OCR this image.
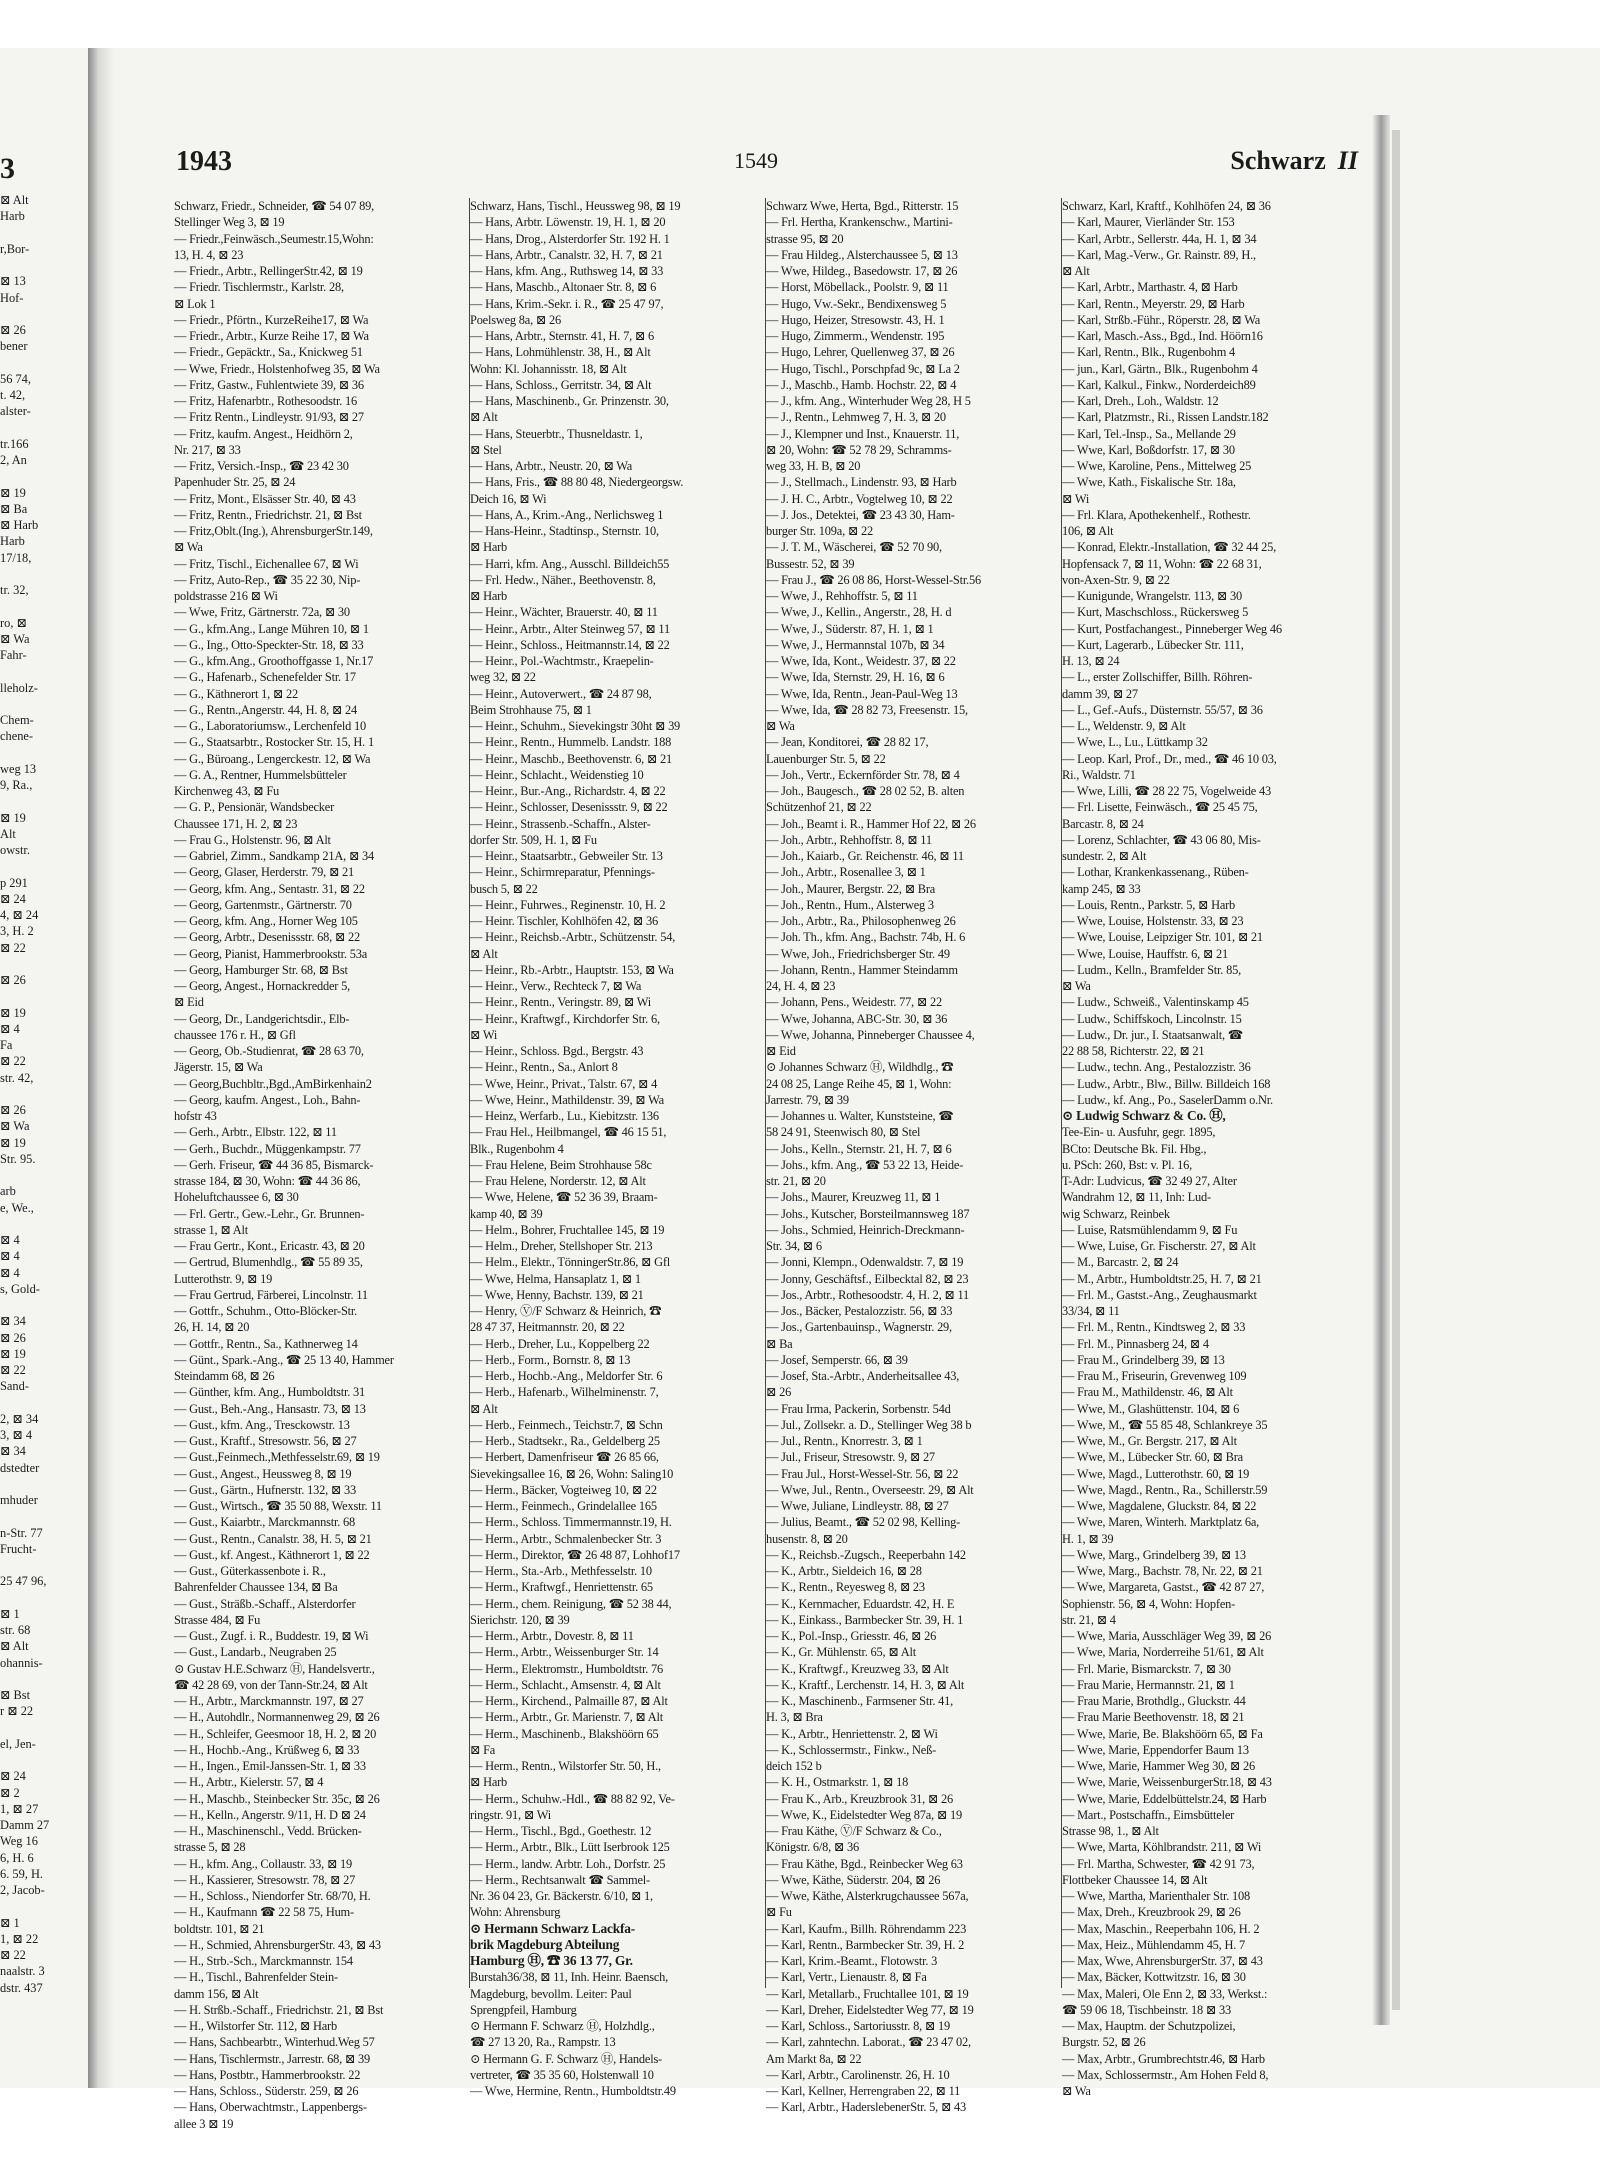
3
⊠ Alt
Harb

r,Bor-

⊠ 13
Hof-

⊠ 26
bener

56 74,
t. 42,
alster-

tr.166
2, An

⊠ 19
⊠ Ba
⊠ Harb
Harb
17/18,

tr. 32,

ro, ⊠
⊠ Wa
Fahr-

lleholz-

Chem-
chene-

weg 13
9, Ra.,

⊠ 19
Alt
owstr.

p 291
⊠ 24
4, ⊠ 24
3, H. 2
⊠ 22

⊠ 26

⊠ 19
⊠ 4
Fa
⊠ 22
str. 42,

⊠ 26
⊠ Wa
⊠ 19
Str. 95.

arb
e, We.,

⊠ 4
⊠ 4
⊠ 4
s, Gold-

⊠ 34
⊠ 26
⊠ 19
⊠ 22
Sand-

2, ⊠ 34
3, ⊠ 4
⊠ 34
dstedter

mhuder

n-Str. 77
Frucht-

25 47 96,

⊠ 1
str. 68
⊠ Alt
ohannis-

⊠ Bst
r ⊠ 22

el, Jen-

⊠ 24
⊠ 2
1, ⊠ 27
Damm 27
Weg 16
6, H. 6
6. 59, H.
2, Jacob-

⊠ 1
1, ⊠ 22
⊠ 22
naalstr. 3
dstr. 437
1943	1549	Schwarz II
Schwarz, Friedr., Schneider, ☎ 54 07 89,
Stellinger Weg 3, ⊠ 19
— Friedr.,Feinwäsch.,Seumestr.15,Wohn:
13, H. 4, ⊠ 23
— Friedr., Arbtr., RellingerStr.42, ⊠ 19
— Friedr. Tischlermstr., Karlstr. 28,
⊠ Lok 1
— Friedr., Pförtn., KurzeReihe17, ⊠ Wa
— Friedr., Arbtr., Kurze Reihe 17, ⊠ Wa
— Friedr., Gepäcktr., Sa., Knickweg 51
— Wwe, Friedr., Holstenhofweg 35, ⊠ Wa
— Fritz, Gastw., Fuhlentwiete 39, ⊠ 36
— Fritz, Hafenarbtr., Rothesoodstr. 16
— Fritz Rentn., Lindleystr. 91/93, ⊠ 27
— Fritz, kaufm. Angest., Heidhörn 2,
Nr. 217, ⊠ 33
— Fritz, Versich.-Insp., ☎ 23 42 30
Papenhuder Str. 25, ⊠ 24
— Fritz, Mont., Elsässer Str. 40, ⊠ 43
— Fritz, Rentn., Friedrichstr. 21, ⊠ Bst
— Fritz,Oblt.(Ing.), AhrensburgerStr.149,
⊠ Wa
— Fritz, Tischl., Eichenallee 67, ⊠ Wi
— Fritz, Auto-Rep., ☎ 35 22 30, Nip-
poldstrasse 216 ⊠ Wi
— Wwe, Fritz, Gärtnerstr. 72a, ⊠ 30
— G., kfm.Ang., Lange Mühren 10, ⊠ 1
— G., Ing., Otto-Speckter-Str. 18, ⊠ 33
— G., kfm.Ang., Groothoffgasse 1, Nr.17
— G., Hafenarb., Schenefelder Str. 17
— G., Käthnerort 1, ⊠ 22
— G., Rentn.,Angerstr. 44, H. 8, ⊠ 24
— G., Laboratoriumsw., Lerchenfeld 10
— G., Staatsarbtr., Rostocker Str. 15, H. 1
— G., Büroang., Lengerckestr. 12, ⊠ Wa
— G. A., Rentner, Hummelsbütteler
Kirchenweg 43, ⊠ Fu
— G. P., Pensionär, Wandsbecker
Chaussee 171, H. 2, ⊠ 23
— Frau G., Holstenstr. 96, ⊠ Alt
— Gabriel, Zimm., Sandkamp 21A, ⊠ 34
— Georg, Glaser, Herderstr. 79, ⊠ 21
— Georg, kfm. Ang., Sentastr. 31, ⊠ 22
— Georg, Gartenmstr., Gärtnerstr. 70
— Georg, kfm. Ang., Horner Weg 105
— Georg, Arbtr., Desenissstr. 68, ⊠ 22
— Georg, Pianist, Hammerbrookstr. 53a
— Georg, Hamburger Str. 68, ⊠ Bst
— Georg, Angest., Hornackredder 5,
⊠ Eid
— Georg, Dr., Landgerichtsdir., Elb-
chaussee 176 r. H., ⊠ Gfl
— Georg, Ob.-Studienrat, ☎ 28 63 70,
Jägerstr. 15, ⊠ Wa
— Georg,Buchbltr.,Bgd.,AmBirkenhain2
— Georg, kaufm. Angest., Loh., Bahn-
hofstr 43
— Gerh., Arbtr., Elbstr. 122, ⊠ 11
— Gerh., Buchdr., Müggenkampstr. 77
— Gerh. Friseur, ☎ 44 36 85, Bismarck-
strasse 184, ⊠ 30, Wohn: ☎ 44 36 86,
Hoheluftchaussee 6, ⊠ 30
— Frl. Gertr., Gew.-Lehr., Gr. Brunnen-
strasse 1, ⊠ Alt
— Frau Gertr., Kont., Ericastr. 43, ⊠ 20
— Gertrud, Blumenhdlg., ☎ 55 89 35,
Lutterothstr. 9, ⊠ 19
— Frau Gertrud, Färberei, Lincolnstr. 11
— Gottfr., Schuhm., Otto-Blöcker-Str.
26, H. 14, ⊠ 20
— Gottfr., Rentn., Sa., Kathnerweg 14
— Günt., Spark.-Ang., ☎ 25 13 40, Hammer
Steindamm 68, ⊠ 26
— Günther, kfm. Ang., Humboldtstr. 31
— Gust., Beh.-Ang., Hansastr. 73, ⊠ 13
— Gust., kfm. Ang., Tresckowstr. 13
— Gust., Kraftf., Stresowstr. 56, ⊠ 27
— Gust.,Feinmech.,Methfesselstr.69, ⊠ 19
— Gust., Angest., Heussweg 8, ⊠ 19
— Gust., Gärtn., Hufnerstr. 132, ⊠ 33
— Gust., Wirtsch., ☎ 35 50 88, Wexstr. 11
— Gust., Kaiarbtr., Marckmannstr. 68
— Gust., Rentn., Canalstr. 38, H. 5, ⊠ 21
— Gust., kf. Angest., Käthnerort 1, ⊠ 22
— Gust., Güterkassenbote i. R.,
Bahrenfelder Chaussee 134, ⊠ Ba
— Gust., Sträßb.-Schaff., Alsterdorfer
Strasse 484, ⊠ Fu
— Gust., Zugf. i. R., Buddestr. 19, ⊠ Wi
— Gust., Landarb., Neugraben 25
⊙ Gustav H.E.Schwarz Ⓗ, Handelsvertr.,
☎ 42 28 69, von der Tann-Str.24, ⊠ Alt
— H., Arbtr., Marckmannstr. 197, ⊠ 27
— H., Autohdlr., Normannenweg 29, ⊠ 26
— H., Schleifer, Geesmoor 18, H. 2, ⊠ 20
— H., Hochb.-Ang., Krüßweg 6, ⊠ 33
— H., Ingen., Emil-Janssen-Str. 1, ⊠ 33
— H., Arbtr., Kielerstr. 57, ⊠ 4
— H., Maschb., Steinbecker Str. 35c, ⊠ 26
— H., Kelln., Angerstr. 9/11, H. D ⊠ 24
— H., Maschinenschl., Vedd. Brücken-
strasse 5, ⊠ 28
— H., kfm. Ang., Collaustr. 33, ⊠ 19
— H., Kassierer, Stresowstr. 78, ⊠ 27
— H., Schloss., Niendorfer Str. 68/70, H.
— H., Kaufmann ☎ 22 58 75, Hum-
boldtstr. 101, ⊠ 21
— H., Schmied, AhrensburgerStr. 43, ⊠ 43
— H., Strb.-Sch., Marckmannstr. 154
— H., Tischl., Bahrenfelder Stein-
damm 156, ⊠ Alt
— H. Strßb.-Schaff., Friedrichstr. 21, ⊠ Bst
— H., Wilstorfer Str. 112, ⊠ Harb
— Hans, Sachbearbtr., Winterhud.Weg 57
— Hans, Tischlermstr., Jarrestr. 68, ⊠ 39
— Hans, Postbtr., Hammerbrookstr. 22
— Hans, Schloss., Süderstr. 259, ⊠ 26
— Hans, Oberwachtmstr., Lappenbergs-
allee 3 ⊠ 19
Schwarz, Hans, Tischl., Heussweg 98, ⊠ 19
— Hans, Arbtr. Löwenstr. 19, H. 1, ⊠ 20
— Hans, Drog., Alsterdorfer Str. 192 H. 1
— Hans, Arbtr., Canalstr. 32, H. 7, ⊠ 21
— Hans, kfm. Ang., Ruthsweg 14, ⊠ 33
— Hans, Maschb., Altonaer Str. 8, ⊠ 6
— Hans, Krim.-Sekr. i. R., ☎ 25 47 97,
Poelsweg 8a, ⊠ 26
— Hans, Arbtr., Sternstr. 41, H. 7, ⊠ 6
— Hans, Lohmühlenstr. 38, H., ⊠ Alt
Wohn: Kl. Johannisstr. 18, ⊠ Alt
— Hans, Schloss., Gerritstr. 34, ⊠ Alt
— Hans, Maschinenb., Gr. Prinzenstr. 30,
⊠ Alt
— Hans, Steuerbtr., Thusneldastr. 1,
⊠ Stel
— Hans, Arbtr., Neustr. 20, ⊠ Wa
— Hans, Fris., ☎ 88 80 48, Niedergeorgsw.
Deich 16, ⊠ Wi
— Hans, A., Krim.-Ang., Nerlichsweg 1
— Hans-Heinr., Stadtinsp., Sternstr. 10,
⊠ Harb
— Harri, kfm. Ang., Ausschl. Billdeich55
— Frl. Hedw., Näher., Beethovenstr. 8,
⊠ Harb
— Heinr., Wächter, Brauerstr. 40, ⊠ 11
— Heinr., Arbtr., Alter Steinweg 57, ⊠ 11
— Heinr., Schloss., Heitmannstr.14, ⊠ 22
— Heinr., Pol.-Wachtmstr., Kraepelin-
weg 32, ⊠ 22
— Heinr., Autoverwert., ☎ 24 87 98,
Beim Strohhause 75, ⊠ 1
— Heinr., Schuhm., Sievekingstr 30ht ⊠ 39
— Heinr., Rentn., Hummelb. Landstr. 188
— Heinr., Maschb., Beethovenstr. 6, ⊠ 21
— Heinr., Schlacht., Weidenstieg 10
— Heinr., Bur.-Ang., Richardstr. 4, ⊠ 22
— Heinr., Schlosser, Desenissstr. 9, ⊠ 22
— Heinr., Strassenb.-Schaffn., Alster-
dorfer Str. 509, H. 1, ⊠ Fu
— Heinr., Staatsarbtr., Gebweiler Str. 13
— Heinr., Schirmreparatur, Pfennings-
busch 5, ⊠ 22
— Heinr., Fuhrwes., Reginenstr. 10, H. 2
— Heinr. Tischler, Kohlhöfen 42, ⊠ 36
— Heinr., Reichsb.-Arbtr., Schützenstr. 54,
⊠ Alt
— Heinr., Rb.-Arbtr., Hauptstr. 153, ⊠ Wa
— Heinr., Verw., Rechteck 7, ⊠ Wa
— Heinr., Rentn., Veringstr. 89, ⊠ Wi
— Heinr., Kraftwgf., Kirchdorfer Str. 6,
⊠ Wi
— Heinr., Schloss. Bgd., Bergstr. 43
— Heinr., Rentn., Sa., Anlort 8
— Wwe, Heinr., Privat., Talstr. 67, ⊠ 4
— Wwe, Heinr., Mathildenstr. 39, ⊠ Wa
— Heinz, Werfarb., Lu., Kiebitzstr. 136
— Frau Hel., Heilbmangel, ☎ 46 15 51,
Blk., Rugenbohm 4
— Frau Helene, Beim Strohhause 58c
— Frau Helene, Norderstr. 12, ⊠ Alt
— Wwe, Helene, ☎ 52 36 39, Braam-
kamp 40, ⊠ 39
— Helm., Bohrer, Fruchtallee 145, ⊠ 19
— Helm., Dreher, Stellshoper Str. 213
— Helm., Elektr., TönningerStr.86, ⊠ Gfl
— Wwe, Helma, Hansaplatz 1, ⊠ 1
— Wwe, Henny, Bachstr. 139, ⊠ 21
— Henry, Ⓥ/F Schwarz & Heinrich, ☎
28 47 37, Heitmannstr. 20, ⊠ 22
— Herb., Dreher, Lu., Koppelberg 22
— Herb., Form., Bornstr. 8, ⊠ 13
— Herb., Hochb.-Ang., Meldorfer Str. 6
— Herb., Hafenarb., Wilhelminenstr. 7,
⊠ Alt
— Herb., Feinmech., Teichstr.7, ⊠ Schn
— Herb., Stadtsekr., Ra., Geldelberg 25
— Herbert, Damenfriseur ☎ 26 85 66,
Sievekingsallee 16, ⊠ 26, Wohn: Saling10
— Herm., Bäcker, Vogteiweg 10, ⊠ 22
— Herm., Feinmech., Grindelallee 165
— Herm., Schloss. Timmermannstr.19, H.
— Herm., Arbtr., Schmalenbecker Str. 3
— Herm., Direktor, ☎ 26 48 87, Lohhof17
— Herm., Sta.-Arb., Methfesselstr. 10
— Herm., Kraftwgf., Henriettenstr. 65
— Herm., chem. Reinigung, ☎ 52 38 44,
Sierichstr. 120, ⊠ 39
— Herm., Arbtr., Dovestr. 8, ⊠ 11
— Herm., Arbtr., Weissenburger Str. 14
— Herm., Elektromstr., Humboldtstr. 76
— Herm., Schlacht., Amsenstr. 4, ⊠ Alt
— Herm., Kirchend., Palmaille 87, ⊠ Alt
— Herm., Arbtr., Gr. Marienstr. 7, ⊠ Alt
— Herm., Maschinenb., Blakshöörn 65
⊠ Fa
— Herm., Rentn., Wilstorfer Str. 50, H.,
⊠ Harb
— Herm., Schuhw.-Hdl., ☎ 88 82 92, Ve-
ringstr. 91, ⊠ Wi
— Herm., Tischl., Bgd., Goethestr. 12
— Herm., Arbtr., Blk., Lütt Iserbrook 125
— Herm., landw. Arbtr. Loh., Dorfstr. 25
— Herm., Rechtsanwalt ☎ Sammel-
Nr. 36 04 23, Gr. Bäckerstr. 6/10, ⊠ 1,
Wohn: Ahrensburg
⊙ Hermann Schwarz Lackfa-
brik Magdeburg Abteilung
Hamburg Ⓗ, ☎ 36 13 77, Gr.
Burstah36/38, ⊠ 11, Inh. Heinr. Baensch,
Magdeburg, bevollm. Leiter: Paul
Sprengpfeil, Hamburg
⊙ Hermann F. Schwarz Ⓗ, Holzhdlg.,
☎ 27 13 20, Ra., Rampstr. 13
⊙ Hermann G. F. Schwarz Ⓗ, Handels-
vertreter, ☎ 35 35 60, Holstenwall 10
— Wwe, Hermine, Rentn., Humboldtstr.49
Schwarz Wwe, Herta, Bgd., Ritterstr. 15
— Frl. Hertha, Krankenschw., Martini-
strasse 95, ⊠ 20
— Frau Hildeg., Alsterchaussee 5, ⊠ 13
— Wwe, Hildeg., Basedowstr. 17, ⊠ 26
— Horst, Möbellack., Poolstr. 9, ⊠ 11
— Hugo, Vw.-Sekr., Bendixensweg 5
— Hugo, Heizer, Stresowstr. 43, H. 1
— Hugo, Zimmerm., Wendenstr. 195
— Hugo, Lehrer, Quellenweg 37, ⊠ 26
— Hugo, Tischl., Porschpfad 9c, ⊠ La 2
— J., Maschb., Hamb. Hochstr. 22, ⊠ 4
— J., kfm. Ang., Winterhuder Weg 28, H 5
— J., Rentn., Lehmweg 7, H. 3, ⊠ 20
— J., Klempner und Inst., Knauerstr. 11,
⊠ 20, Wohn: ☎ 52 78 29, Schramms-
weg 33, H. B, ⊠ 20
— J., Stellmach., Lindenstr. 93, ⊠ Harb
— J. H. C., Arbtr., Vogtelweg 10, ⊠ 22
— J. Jos., Detektei, ☎ 23 43 30, Ham-
burger Str. 109a, ⊠ 22
— J. T. M., Wäscherei, ☎ 52 70 90,
Bussestr. 52, ⊠ 39
— Frau J., ☎ 26 08 86, Horst-Wessel-Str.56
— Wwe, J., Rehhoffstr. 5, ⊠ 11
— Wwe, J., Kellin., Angerstr., 28, H. d
— Wwe, J., Süderstr. 87, H. 1, ⊠ 1
— Wwe, J., Hermannstal 107b, ⊠ 34
— Wwe, Ida, Kont., Weidestr. 37, ⊠ 22
— Wwe, Ida, Sternstr. 29, H. 16, ⊠ 6
— Wwe, Ida, Rentn., Jean-Paul-Weg 13
— Wwe, Ida, ☎ 28 82 73, Freesenstr. 15,
⊠ Wa
— Jean, Konditorei, ☎ 28 82 17,
Lauenburger Str. 5, ⊠ 22
— Joh., Vertr., Eckernförder Str. 78, ⊠ 4
— Joh., Baugesch., ☎ 28 02 52, B. alten
Schützenhof 21, ⊠ 22
— Joh., Beamt i. R., Hammer Hof 22, ⊠ 26
— Joh., Arbtr., Rehhoffstr. 8, ⊠ 11
— Joh., Kaiarb., Gr. Reichenstr. 46, ⊠ 11
— Joh., Arbtr., Rosenallee 3, ⊠ 1
— Joh., Maurer, Bergstr. 22, ⊠ Bra
— Joh., Rentn., Hum., Alsterweg 3
— Joh., Arbtr., Ra., Philosophenweg 26
— Joh. Th., kfm. Ang., Bachstr. 74b, H. 6
— Wwe, Joh., Friedrichsberger Str. 49
— Johann, Rentn., Hammer Steindamm
24, H. 4, ⊠ 23
— Johann, Pens., Weidestr. 77, ⊠ 22
— Wwe, Johanna, ABC-Str. 30, ⊠ 36
— Wwe, Johanna, Pinneberger Chaussee 4,
⊠ Eid
⊙ Johannes Schwarz Ⓗ, Wildhdlg., ☎
24 08 25, Lange Reihe 45, ⊠ 1, Wohn:
Jarrestr. 79, ⊠ 39
— Johannes u. Walter, Kunststeine, ☎
58 24 91, Steenwisch 80, ⊠ Stel
— Johs., Kelln., Sternstr. 21, H. 7, ⊠ 6
— Johs., kfm. Ang., ☎ 53 22 13, Heide-
str. 21, ⊠ 20
— Johs., Maurer, Kreuzweg 11, ⊠ 1
— Johs., Kutscher, Borsteilmannsweg 187
— Johs., Schmied, Heinrich-Dreckmann-
Str. 34, ⊠ 6
— Jonni, Klempn., Odenwaldstr. 7, ⊠ 19
— Jonny, Geschäftsf., Eilbecktal 82, ⊠ 23
— Jos., Arbtr., Rothesoodstr. 4, H. 2, ⊠ 11
— Jos., Bäcker, Pestalozzistr. 56, ⊠ 33
— Jos., Gartenbauinsp., Wagnerstr. 29,
⊠ Ba
— Josef, Semperstr. 66, ⊠ 39
— Josef, Sta.-Arbtr., Anderheitsallee 43,
⊠ 26
— Frau Irma, Packerin, Sorbenstr. 54d
— Jul., Zollsekr. a. D., Stellinger Weg 38 b
— Jul., Rentn., Knorrestr. 3, ⊠ 1
— Jul., Friseur, Stresowstr. 9, ⊠ 27
— Frau Jul., Horst-Wessel-Str. 56, ⊠ 22
— Wwe, Jul., Rentn., Overseestr. 29, ⊠ Alt
— Wwe, Juliane, Lindleystr. 88, ⊠ 27
— Julius, Beamt., ☎ 52 02 98, Kelling-
husenstr. 8, ⊠ 20
— K., Reichsb.-Zugsch., Reeperbahn 142
— K., Arbtr., Sieldeich 16, ⊠ 28
— K., Rentn., Reyesweg 8, ⊠ 23
— K., Kernmacher, Eduardstr. 42, H. E
— K., Einkass., Barmbecker Str. 39, H. 1
— K., Pol.-Insp., Griesstr. 46, ⊠ 26
— K., Gr. Mühlenstr. 65, ⊠ Alt
— K., Kraftwgf., Kreuzweg 33, ⊠ Alt
— K., Kraftf., Lerchenstr. 14, H. 3, ⊠ Alt
— K., Maschinenb., Farmsener Str. 41,
H. 3, ⊠ Bra
— K., Arbtr., Henriettenstr. 2, ⊠ Wi
— K., Schlossermstr., Finkw., Neß-
deich 152 b
— K. H., Ostmarkstr. 1, ⊠ 18
— Frau K., Arb., Kreuzbrook 31, ⊠ 26
— Wwe, K., Eidelstedter Weg 87a, ⊠ 19
— Frau Käthe, Ⓥ/F Schwarz & Co.,
Königstr. 6/8, ⊠ 36
— Frau Käthe, Bgd., Reinbecker Weg 63
— Wwe, Käthe, Süderstr. 204, ⊠ 26
— Wwe, Käthe, Alsterkrugchaussee 567a,
⊠ Fu
— Karl, Kaufm., Billh. Röhrendamm 223
— Karl, Rentn., Barmbecker Str. 39, H. 2
— Karl, Krim.-Beamt., Flotowstr. 3
— Karl, Vertr., Lienaustr. 8, ⊠ Fa
— Karl, Metallarb., Fruchtallee 101, ⊠ 19
— Karl, Dreher, Eidelstedter Weg 77, ⊠ 19
— Karl, Schloss., Sartoriusstr. 8, ⊠ 19
— Karl, zahntechn. Laborat., ☎ 23 47 02,
Am Markt 8a, ⊠ 22
— Karl, Arbtr., Carolinenstr. 26, H. 10
— Karl, Kellner, Herrengraben 22, ⊠ 11
— Karl, Arbtr., HaderslebenerStr. 5, ⊠ 43
Schwarz, Karl, Kraftf., Kohlhöfen 24, ⊠ 36
— Karl, Maurer, Vierländer Str. 153
— Karl, Arbtr., Sellerstr. 44a, H. 1, ⊠ 34
— Karl, Mag.-Verw., Gr. Rainstr. 89, H.,
⊠ Alt
— Karl, Arbtr., Marthastr. 4, ⊠ Harb
— Karl, Rentn., Meyerstr. 29, ⊠ Harb
— Karl, Strßb.-Führ., Röperstr. 28, ⊠ Wa
— Karl, Masch.-Ass., Bgd., Ind. Höörn16
— Karl, Rentn., Blk., Rugenbohm 4
— jun., Karl, Gärtn., Blk., Rugenbohm 4
— Karl, Kalkul., Finkw., Norderdeich89
— Karl, Dreh., Loh., Waldstr. 12
— Karl, Platzmstr., Ri., Rissen Landstr.182
— Karl, Tel.-Insp., Sa., Mellande 29
— Wwe, Karl, Boßdorfstr. 17, ⊠ 30
— Wwe, Karoline, Pens., Mittelweg 25
— Wwe, Kath., Fiskalische Str. 18a,
⊠ Wi
— Frl. Klara, Apothekenhelf., Rothestr.
106, ⊠ Alt
— Konrad, Elektr.-Installation, ☎ 32 44 25,
Hopfensack 7, ⊠ 11, Wohn: ☎ 22 68 31,
von-Axen-Str. 9, ⊠ 22
— Kunigunde, Wrangelstr. 113, ⊠ 30
— Kurt, Maschschloss., Rückersweg 5
— Kurt, Postfachangest., Pinneberger Weg 46
— Kurt, Lagerarb., Lübecker Str. 111,
H. 13, ⊠ 24
— L., erster Zollschiffer, Billh. Röhren-
damm 39, ⊠ 27
— L., Gef.-Aufs., Düsternstr. 55/57, ⊠ 36
— L., Weldenstr. 9, ⊠ Alt
— Wwe, L., Lu., Lüttkamp 32
— Leop. Karl, Prof., Dr., med., ☎ 46 10 03,
Ri., Waldstr. 71
— Wwe, Lilli, ☎ 28 22 75, Vogelweide 43
— Frl. Lisette, Feinwäsch., ☎ 25 45 75,
Barcastr. 8, ⊠ 24
— Lorenz, Schlachter, ☎ 43 06 80, Mis-
sundestr. 2, ⊠ Alt
— Lothar, Krankenkassenang., Rüben-
kamp 245, ⊠ 33
— Louis, Rentn., Parkstr. 5, ⊠ Harb
— Wwe, Louise, Holstenstr. 33, ⊠ 23
— Wwe, Louise, Leipziger Str. 101, ⊠ 21
— Wwe, Louise, Hauffstr. 6, ⊠ 21
— Ludm., Kelln., Bramfelder Str. 85,
⊠ Wa
— Ludw., Schweiß., Valentinskamp 45
— Ludw., Schiffskoch, Lincolnstr. 15
— Ludw., Dr. jur., I. Staatsanwalt, ☎
22 88 58, Richterstr. 22, ⊠ 21
— Ludw., techn. Ang., Pestalozzistr. 36
— Ludw., Arbtr., Blw., Billw. Billdeich 168
— Ludw., kf. Ang., Po., SaselerDamm o.Nr.
⊙ Ludwig Schwarz & Co. Ⓗ,
Tee-Ein- u. Ausfuhr, gegr. 1895,
BCto: Deutsche Bk. Fil. Hbg.,
u. PSch: 260, Bst: v. Pl. 16,
T-Adr: Ludvicus, ☎ 32 49 27, Alter
Wandrahm 12, ⊠ 11, Inh: Lud-
wig Schwarz, Reinbek
— Luise, Ratsmühlendamm 9, ⊠ Fu
— Wwe, Luise, Gr. Fischerstr. 27, ⊠ Alt
— M., Barcastr. 2, ⊠ 24
— M., Arbtr., Humboldtstr.25, H. 7, ⊠ 21
— Frl. M., Gastst.-Ang., Zeughausmarkt
33/34, ⊠ 11
— Frl. M., Rentn., Kindtsweg 2, ⊠ 33
— Frl. M., Pinnasberg 24, ⊠ 4
— Frau M., Grindelberg 39, ⊠ 13
— Frau M., Friseurin, Grevenweg 109
— Frau M., Mathildenstr. 46, ⊠ Alt
— Wwe, M., Glashüttenstr. 104, ⊠ 6
— Wwe, M., ☎ 55 85 48, Schlankreye 35
— Wwe, M., Gr. Bergstr. 217, ⊠ Alt
— Wwe, M., Lübecker Str. 60, ⊠ Bra
— Wwe, Magd., Lutterothstr. 60, ⊠ 19
— Wwe, Magd., Rentn., Ra., Schillerstr.59
— Wwe, Magdalene, Gluckstr. 84, ⊠ 22
— Wwe, Maren, Winterh. Marktplatz 6a,
H. 1, ⊠ 39
— Wwe, Marg., Grindelberg 39, ⊠ 13
— Wwe, Marg., Bachstr. 78, Nr. 22, ⊠ 21
— Wwe, Margareta, Gastst., ☎ 42 87 27,
Sophienstr. 56, ⊠ 4, Wohn: Hopfen-
str. 21, ⊠ 4
— Wwe, Maria, Ausschläger Weg 39, ⊠ 26
— Wwe, Maria, Norderreihe 51/61, ⊠ Alt
— Frl. Marie, Bismarckstr. 7, ⊠ 30
— Frau Marie, Hermannstr. 21, ⊠ 1
— Frau Marie, Brothdlg., Gluckstr. 44
— Frau Marie Beethovenstr. 18, ⊠ 21
— Wwe, Marie, Be. Blakshöörn 65, ⊠ Fa
— Wwe, Marie, Eppendorfer Baum 13
— Wwe, Marie, Hammer Weg 30, ⊠ 26
— Wwe, Marie, WeissenburgerStr.18, ⊠ 43
— Wwe, Marie, Eddelbüttelstr.24, ⊠ Harb
— Mart., Postschaffn., Eimsbütteler
Strasse 98, 1., ⊠ Alt
— Wwe, Marta, Köhlbrandstr. 211, ⊠ Wi
— Frl. Martha, Schwester, ☎ 42 91 73,
Flottbeker Chaussee 14, ⊠ Alt
— Wwe, Martha, Marienthaler Str. 108
— Max, Dreh., Kreuzbrook 29, ⊠ 26
— Max, Maschin., Reeperbahn 106, H. 2
— Max, Heiz., Mühlendamm 45, H. 7
— Max, Wwe, AhrensburgerStr. 37, ⊠ 43
— Max, Bäcker, Kottwitzstr. 16, ⊠ 30
— Max, Maleri, Ole Enn 2, ⊠ 33, Werkst.:
☎ 59 06 18, Tischbeinstr. 18 ⊠ 33
— Max, Hauptm. der Schutzpolizei,
Burgstr. 52, ⊠ 26
— Max, Arbtr., Grumbrechtstr.46, ⊠ Harb
— Max, Schlossermstr., Am Hohen Feld 8,
⊠ Wa
